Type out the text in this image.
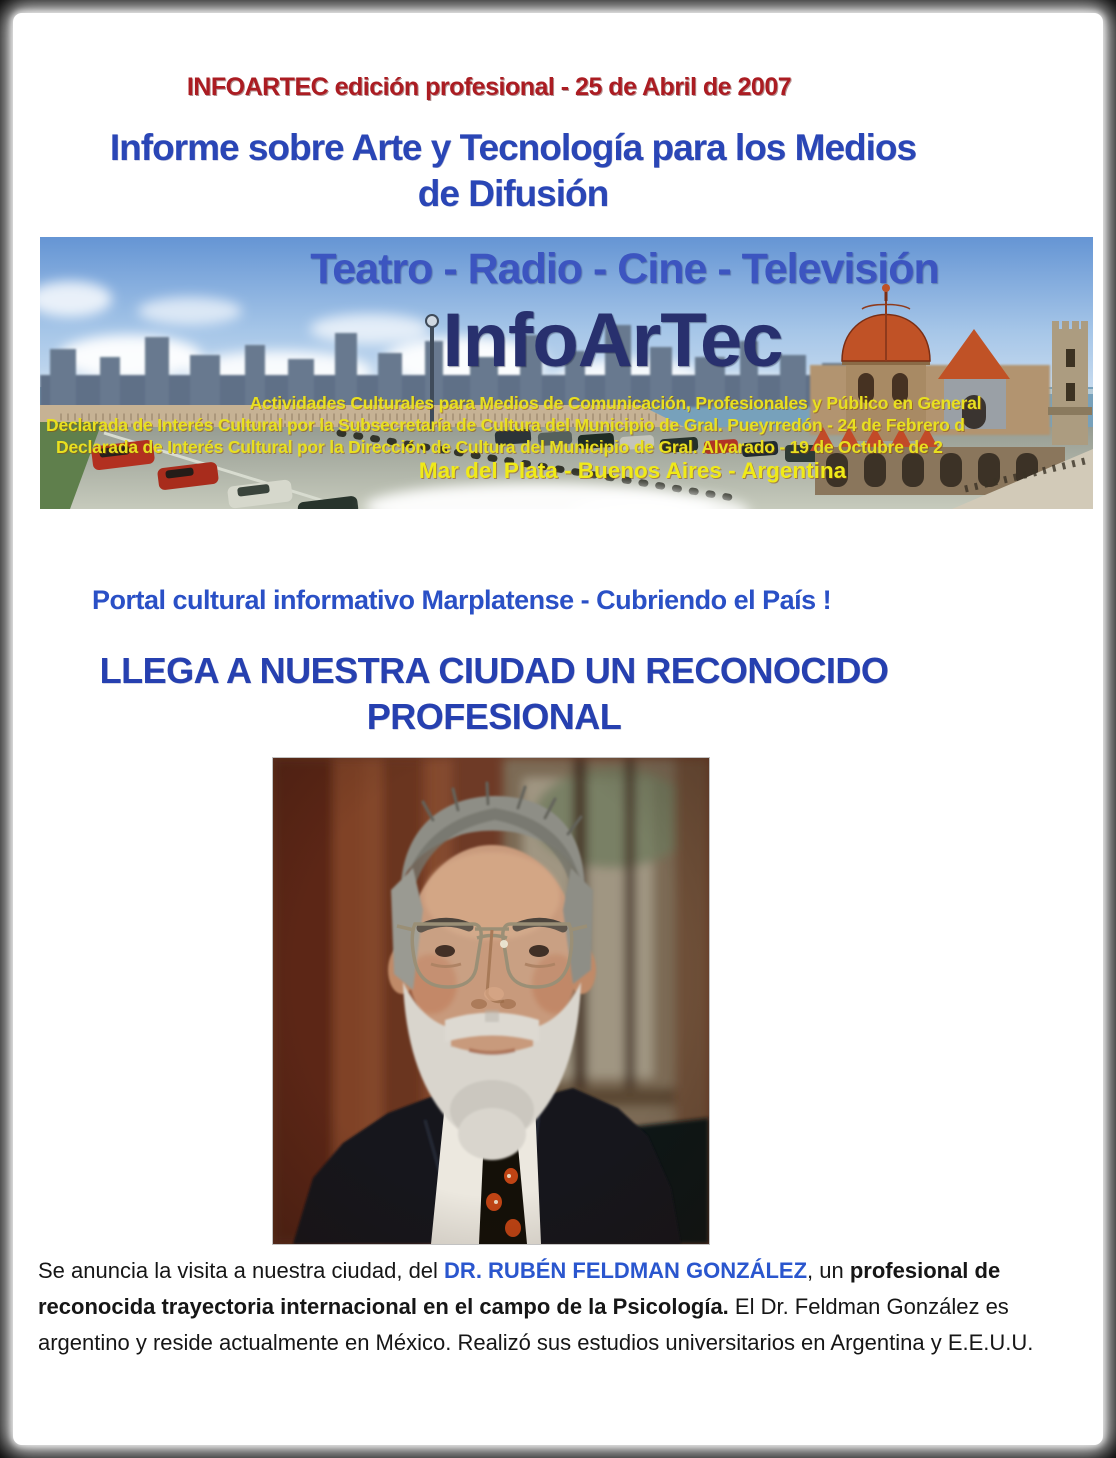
INFOARTEC edición profesional - 25 de Abril de 2007
Informe sobre Arte y Tecnología para los Medios
de Difusión
Teatro - Radio - Cine - Televisión
InfoArTec
Actividades Culturales para Medios de Comunicación, Profesionales y Público en General
Declarada de Interés Cultural por la Subsecretaría de Cultura del Municipio de Gral. Pueyrredón - 24 de Febrero d
Declarada de Interés Cultural por la Dirección de Cultura del Municipio de Gral. Alvarado - 19 de Octubre de 2
Mar del Plata - Buenos Aires - Argentina
Portal cultural informativo Marplatense - Cubriendo el País !
LLEGA A NUESTRA CIUDAD UN RECONOCIDO
PROFESIONAL

Se anuncia la visita a nuestra ciudad, del DR. RUBÉN FELDMAN GONZÁLEZ, un profesional de reconocida trayectoria internacional en el campo de la Psicología. El Dr. Feldman González es argentino y reside actualmente en México. Realizó sus estudios universitarios en Argentina y E.E.U.U.
